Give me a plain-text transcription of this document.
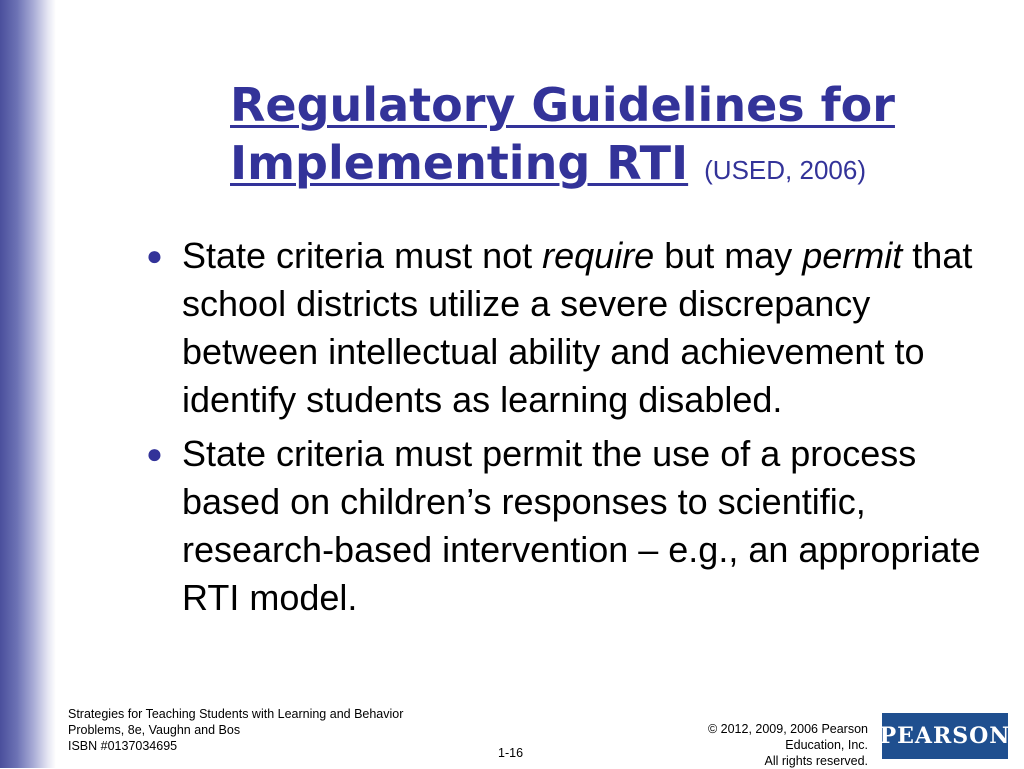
Regulatory Guidelines for
Implementing RTI (USED, 2006)
● State criteria must not require but may permit that school districts utilize a severe discrepancy between intellectual ability and achievement to identify students as learning disabled.
● State criteria must permit the use of a process based on children’s responses to scientific, research-based intervention – e.g., an appropriate RTI model.
Strategies for Teaching Students with Learning and Behavior
Problems, 8e, Vaughn and Bos
ISBN #0137034695	1-16
© 2012, 2009, 2006 Pearson
Education, Inc.
All rights reserved.
PEARSON
